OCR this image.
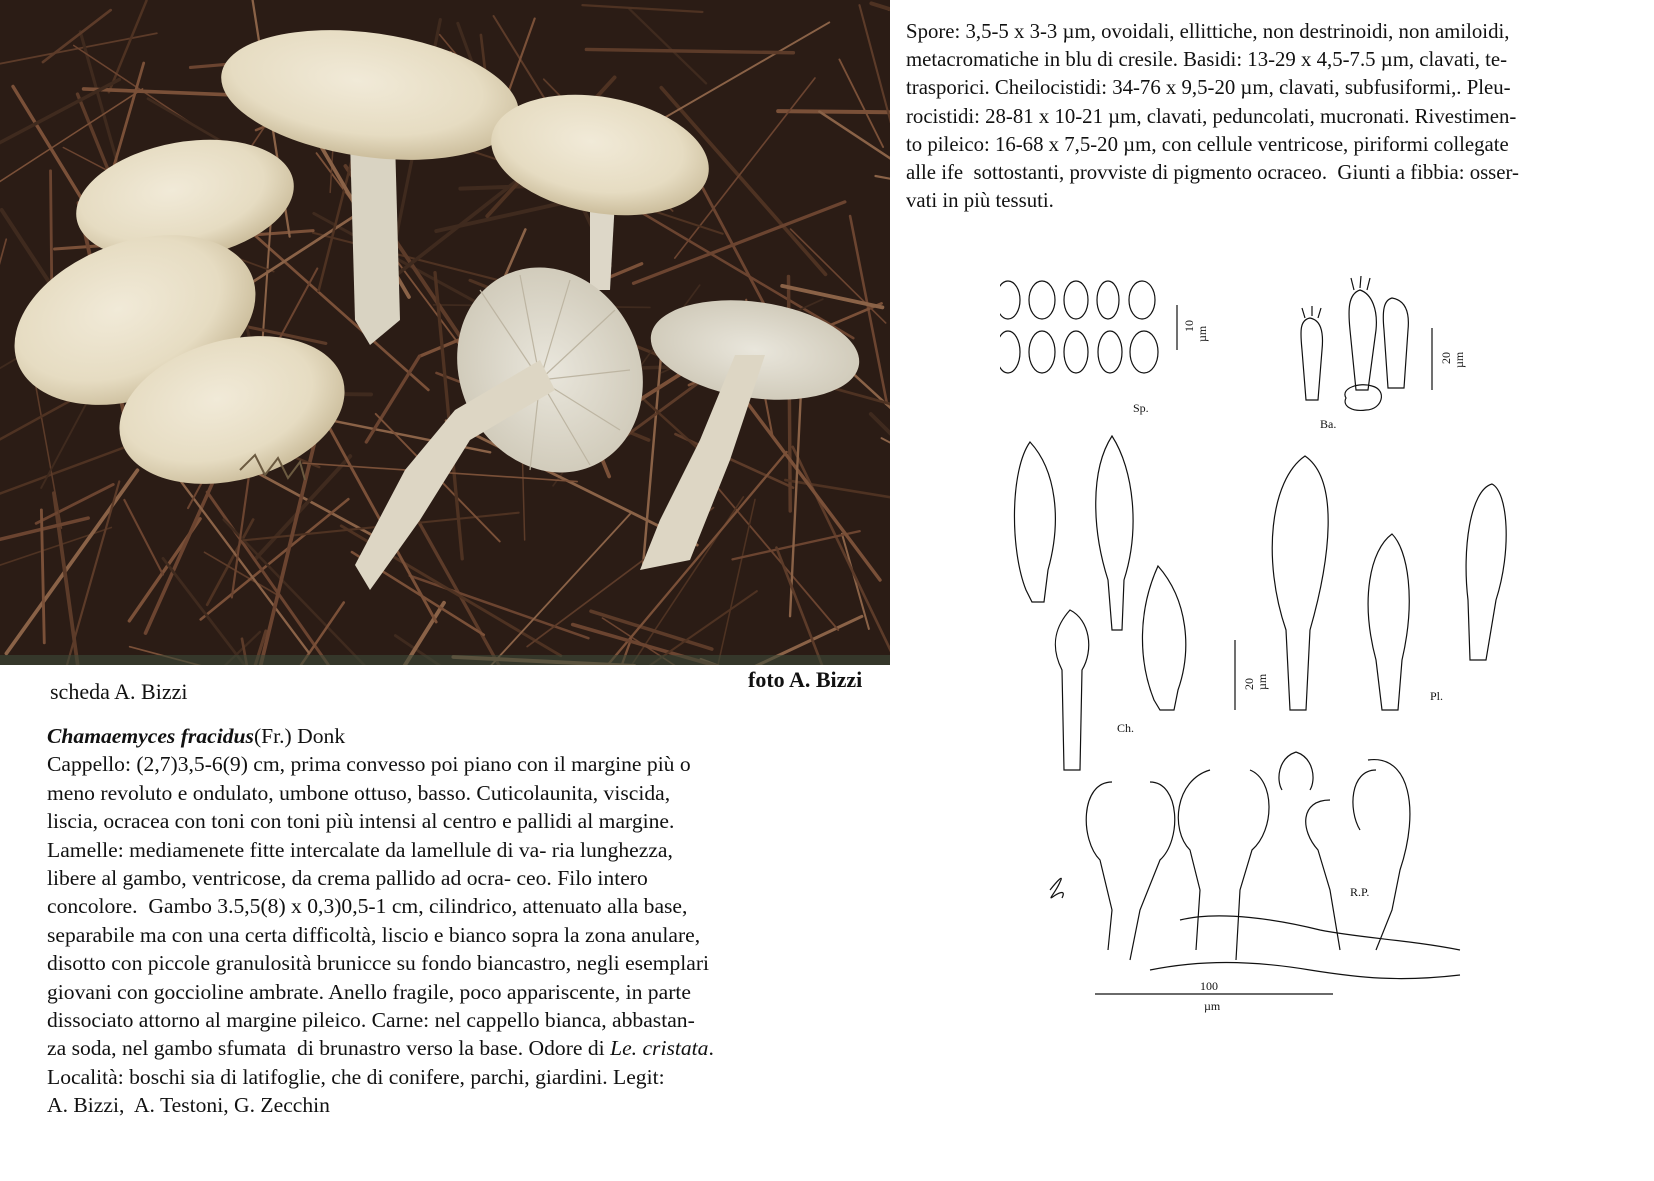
scheda A. Bizzi	foto A. Bizzi

Chamaemyces fracidus(Fr.) Donk

Cappello: (2,7)3,5-6(9) cm, prima convesso poi piano con il margine più o

meno revoluto e ondulato, umbone ottuso, basso. Cuticolaunita, viscida,

liscia, ocracea con toni con toni più intensi al centro e pallidi al margine.

Lamelle: mediamenete fitte intercalate da lamellule di va- ria lunghezza,

libere al gambo, ventricose, da crema pallido ad ocra- ceo. Filo intero

concolore.  Gambo 3.5,5(8) x 0,3)0,5-1 cm, cilindrico, attenuato alla base,

separabile ma con una certa difficoltà, liscio e bianco sopra la zona anulare,

disotto con piccole granulosità brunicce su fondo biancastro, negli esemplari

giovani con goccioline ambrate. Anello fragile, poco appariscente, in parte

dissociato attorno al margine pileico. Carne: nel cappello bianca, abbastan-

za soda, nel gambo sfumata  di brunastro verso la base. Odore di Le. cristata.

Località: boschi sia di latifoglie, che di conifere, parchi, giardini. Legit:

A. Bizzi,  A. Testoni, G. Zecchin

Spore: 3,5-5 x 3-3 µm, ovoidali, ellittiche, non destrinoidi, non amiloidi,

metacromatiche in blu di cresile. Basidi: 13-29 x 4,5-7.5 µm, clavati, te-

trasporici. Cheilocistidi: 34-76 x 9,5-20 µm, clavati, subfusiformi,. Pleu-

rocistidi: 28-81 x 10-21 µm, clavati, peduncolati, mucronati. Rivestimen-

to pileico: 16-68 x 7,5-20 µm, con cellule ventricose, piriformi collegate

alle ife  sottostanti, provviste di pigmento ocraceo.  Giunti a fibbia: osser-

vati in più tessuti.

Sp.
10 µm
Ba.
20 µm
Ch.
20 µm
Pl.
R.P.
100
µm
